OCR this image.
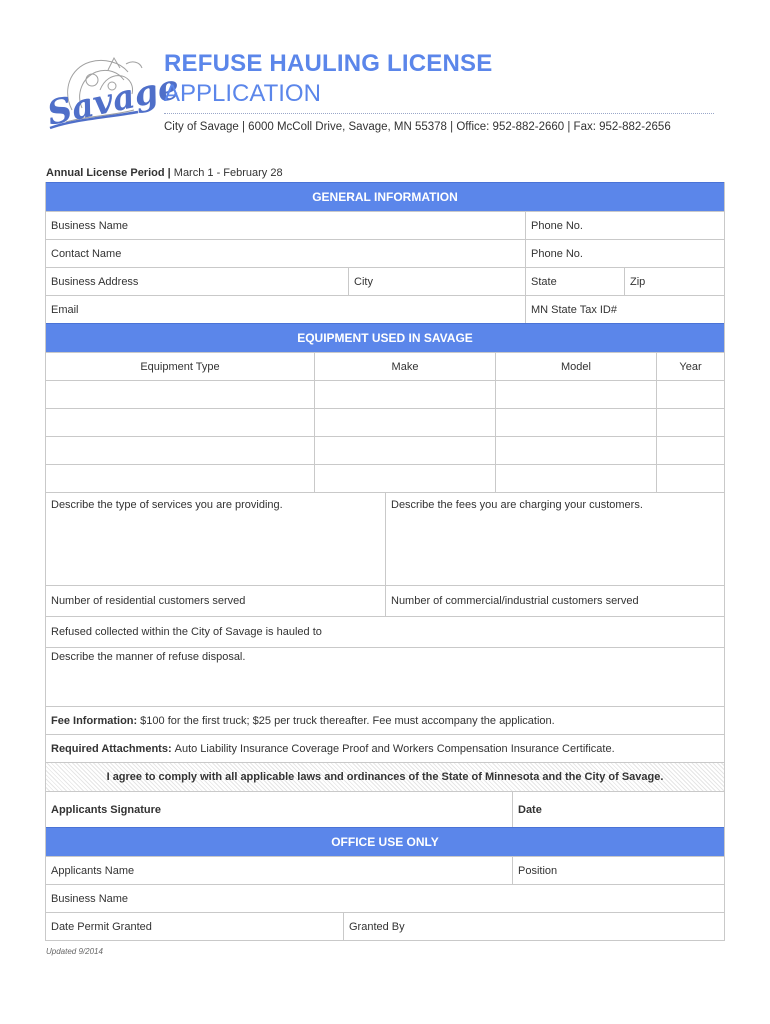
Savage
REFUSE HAULING LICENSE
APPLICATION
City of Savage | 6000 McColl Drive, Savage, MN 55378 | Office: 952-882-2660 | Fax: 952-882-2656
Annual License Period | March 1 - February 28
GENERAL INFORMATION
Business Name	Phone No.
Contact Name	Phone No.
Business Address	City	State	Zip
Email	MN State Tax ID#
EQUIPMENT USED IN SAVAGE
Equipment Type	Make	Model	Year
Describe the type of services you are providing.	Describe the fees you are charging your customers.
Number of residential customers served	Number of commercial/industrial customers served
Refused collected within the City of Savage is hauled to
Describe the manner of refuse disposal.
Fee Information: $100 for the first truck; $25 per truck thereafter. Fee must accompany the application.
Required Attachments: Auto Liability Insurance Coverage Proof and Workers Compensation Insurance Certificate.
I agree to comply with all applicable laws and ordinances of the State of Minnesota and the City of Savage.
Applicants Signature	Date
OFFICE USE ONLY
Applicants Name	Position
Business Name
Date Permit Granted	Granted By
Updated 9/2014
